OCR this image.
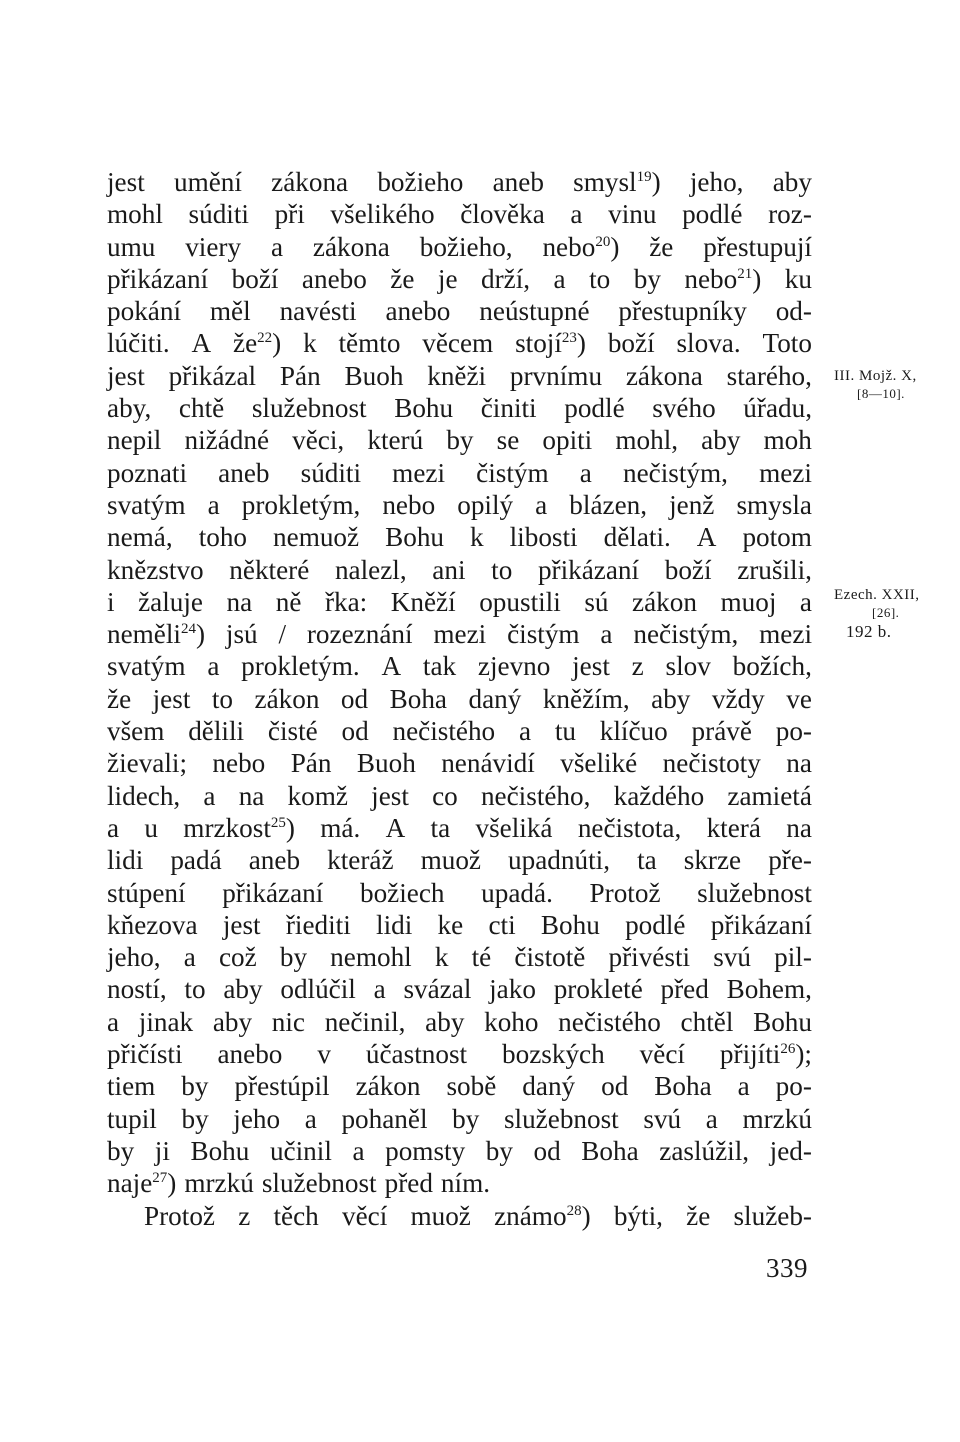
jest umění zákona božieho aneb smysl$^{19}$) jeho, aby
mohl súditi při všelikého člověka a vinu podlé roz-
umu viery a zákona božieho, nebo$^{20}$) že přestupují
přikázaní boží anebo že je drží, a to by nebo$^{21}$) ku
pokání měl navésti anebo neústupné přestupníky od-
lúčiti. A $že^{22}$) k těmto věcem stojí$^{23}$) boží slova. Toto
jest přikázal Pán Buoh kněži prvnímu zákona starého,
aby, chtě služebnost Bohu činiti podlé svého úřadu,
nepil nižádné věci, kterú by se opiti mohl, aby moh
poznati aneb súditi mezi čistým a nečistým, mezi
svatým a prokletým, nebo opilý a blázen, jenž smysla
nemá, toho nemuož Bohu k libosti dělati. A potom
knězstvo některé nalezl, ani to přikázaní boží zrušili,
i žaluje na ně řka: Kněží opustili sú zákon muoj a
neměli$^{24}$) jsú / rozeznání mezi čistým a nečistým, mezi
svatým a prokletým. A tak zjevno jest z slov božích,
že jest to zákon od Boha daný kněžím, aby vždy ve
všem dělili čisté od nečistého a tu klíčuo právě po-
žievali; nebo Pán Buoh nenávidí všeliké nečistoty na
lidech, a na komž jest co nečistého, každého zamietá
a u mrzkost$^{25}$) má. A ta všeliká nečistota, která na
lidi padá aneb kteráž muož upadnúti, ta skrze pře-
stúpení přikázaní božiech upadá. Protož služebnost
kňezova jest řiediti lidi ke cti Bohu podlé přikázaní
jeho, a což by nemohl k té čistotě přivésti svú pil-
ností, to aby odlúčil a svázal jako prokleté před Bohem,
a jinak aby nic nečinil, aby koho nečistého chtěl Bohu
přičísti anebo v účastnost bozských věcí přijíti$^{26}$);
tiem by přestúpil zákon sobě daný od Boha a po-
tupil by jeho a pohaněl by služebnost svú a mrzkú
by ji Bohu učinil a pomsty by od Boha zaslúžil, jed-
naje$^{27}$) mrzkú služebnost před ním.
Protož z těch věcí muož známo$^{28}$) býti, že služeb-
III. Mojž. X,
[8—10].
Ezech. XXII,
[26].
192 b.
339
